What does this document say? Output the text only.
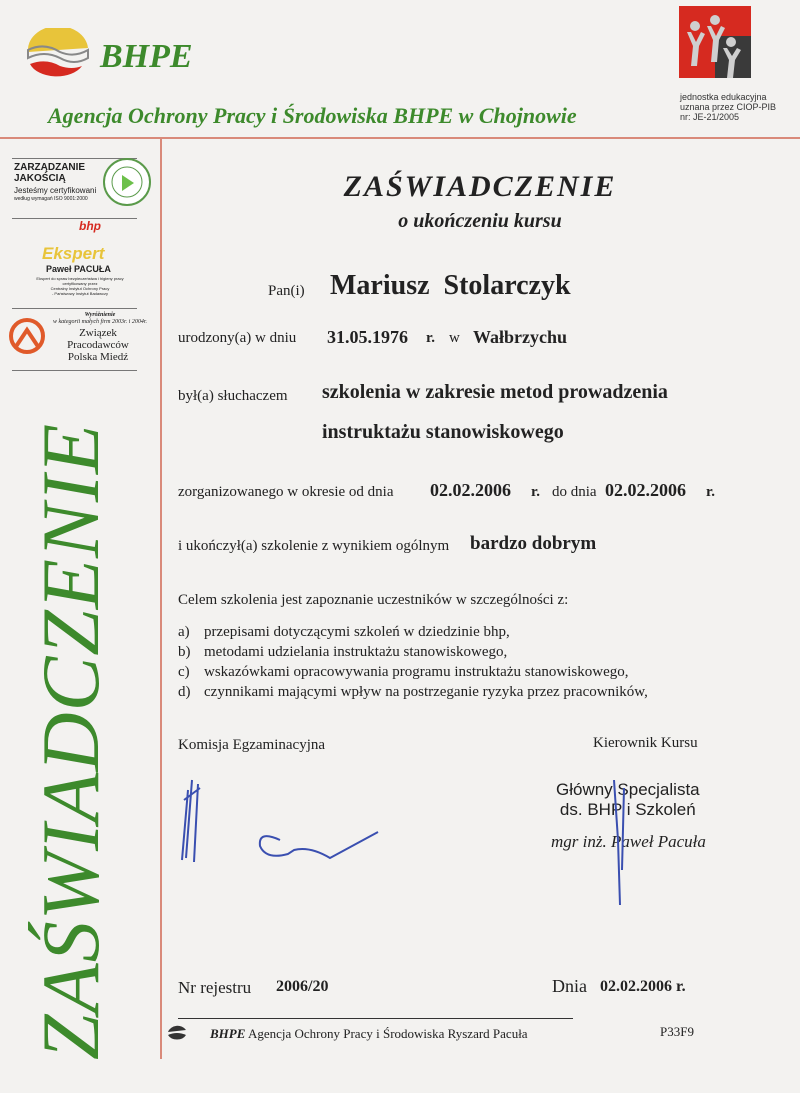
BHPE
Agencja Ochrony Pracy i Środowiska BHPE w Chojnowie
jednostka edukacyjna
uznana przez CIOP-PIB
nr: JE-21/2005
ZARZĄDZANIE
JAKOŚCIĄ
Jesteśmy certyfikowani
według wymagań ISO 9001:2000
bhp
Ekspert
Paweł PACUŁA
Ekspert do spraw bezpieczeństwa i higieny pracy
certyfikowany przez
Centralny Instytut Ochrony Pracy
- Państwowy Instytut Badawczy
Wyróżnienie
w kategorii małych firm 2003r. i 2004r.
Związek
Pracodawców
Polska Miedź
ZAŚWIADCZENIE
ZAŚWIADCZENIE
o ukończeniu kursu
Pan(i) Mariusz  Stolarczyk
urodzony(a) w dniu 31.05.1976 r. w Wałbrzychu
był(a) słuchaczem szkolenia w zakresie metod prowadzenia
instruktażu stanowiskowego
zorganizowanego w okresie od dnia 02.02.2006 r. do dnia 02.02.2006 r.
i ukończył(a) szkolenie z wynikiem ogólnym bardzo dobrym
Celem szkolenia jest zapoznanie uczestników w szczególności z:
a) przepisami dotyczącymi szkoleń w dziedzinie bhp,
b) metodami udzielania instruktażu stanowiskowego,
c) wskazówkami opracowywania programu instruktażu stanowiskowego,
d) czynnikami mającymi wpływ na postrzeganie ryzyka przez pracowników,
Komisja Egzaminacyjna	Kierownik Kursu
Główny Specjalista
ds. BHP i Szkoleń
mgr inż. Paweł Pacuła
Nr rejestru 2006/20	Dnia 02.02.2006 r.
BHPE Agencja Ochrony Pracy i Środowiska Ryszard Pacuła	P33F9
